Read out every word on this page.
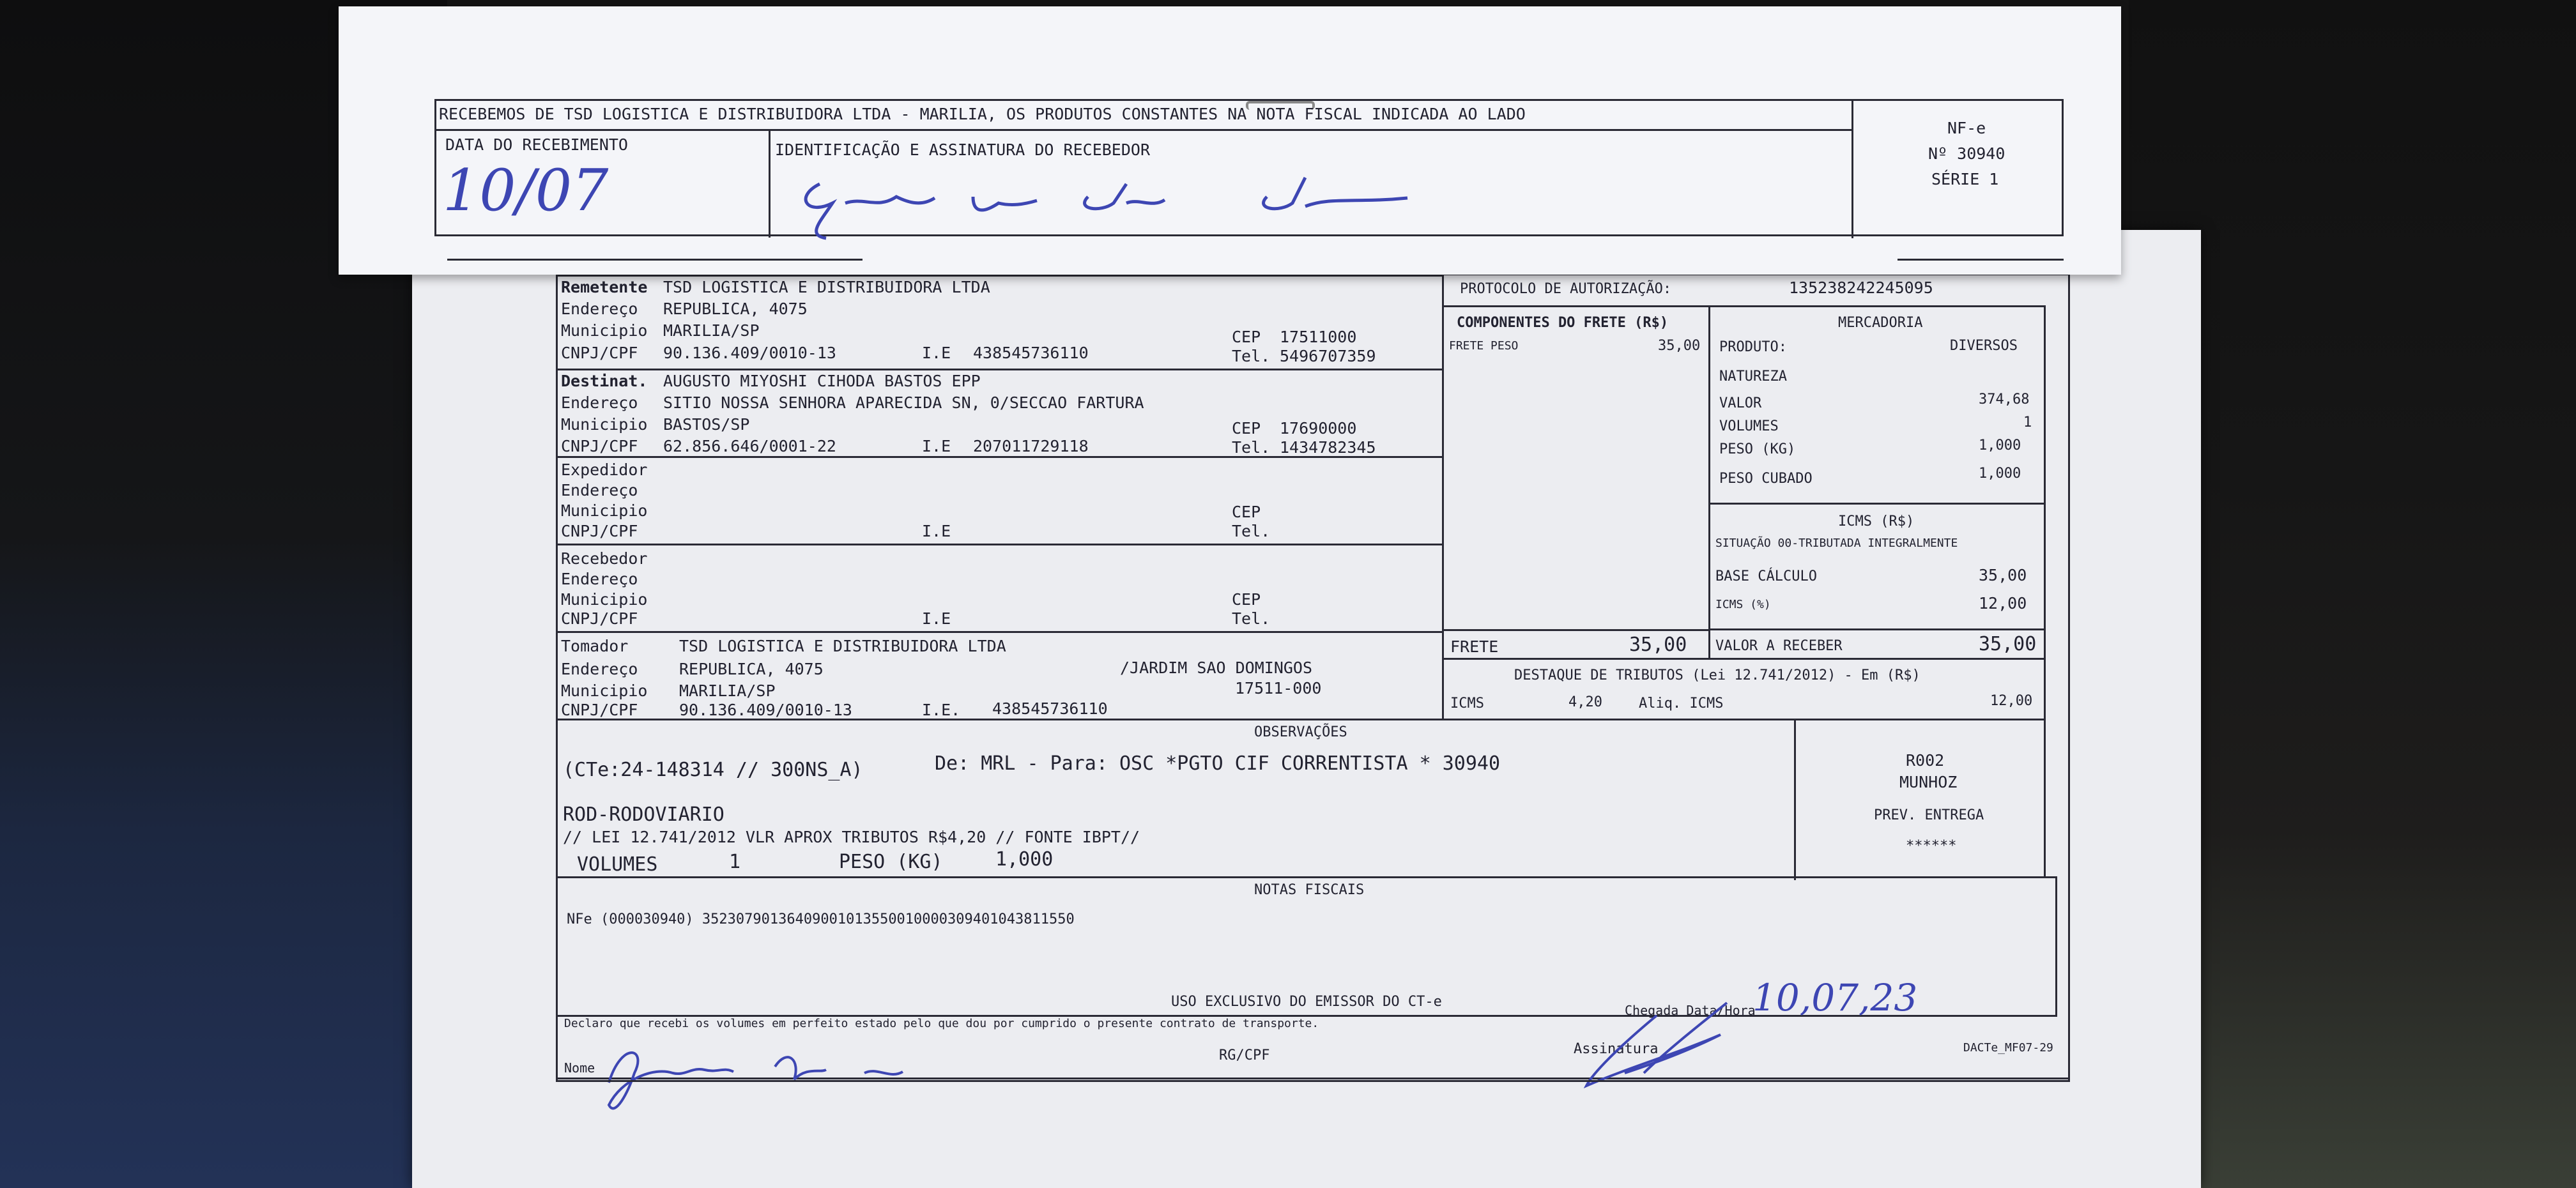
PROTOCOLO DE AUTORIZAÇÃO:	135238242245095
Remetente TSD LOGISTICA E DISTRIBUIDORA LTDA
Endereço REPUBLICA, 4075
Municipio MARILIA/SP	CEP 17511000
CNPJ/CPF 90.136.409/0010-13	I.E 438545736110	Tel. 5496707359
Destinat. AUGUSTO MIYOSHI CIHODA BASTOS EPP
Endereço SITIO NOSSA SENHORA APARECIDA SN, 0/SECCAO FARTURA
Municipio BASTOS/SP	CEP 17690000
CNPJ/CPF 62.856.646/0001-22	I.E 207011729118	Tel. 1434782345
Expedidor
Endereço
Municipio	CEP
CNPJ/CPF	I.E	Tel.
Recebedor
Endereço
Municipio	CEP
CNPJ/CPF	I.E	Tel.
Tomador	TSD LOGISTICA E DISTRIBUIDORA LTDA
Endereço	REPUBLICA, 4075	/JARDIM SAO DOMINGOS
Municipio MARILIA/SP	17511-000
CNPJ/CPF	90.136.409/0010-13	I.E. 438545736110
COMPONENTES DO FRETE (R$)
FRETE PESO	35,00
FRETE	35,00
MERCADORIA
PRODUTO:	DIVERSOS
NATUREZA
VALOR	374,68
VOLUMES	1
PESO (KG)	1,000
PESO CUBADO	1,000
ICMS (R$)
SITUAÇÃO 00-TRIBUTADA INTEGRALMENTE
BASE CÁLCULO	35,00
ICMS (%)	12,00
VALOR A RECEBER	35,00
DESTAQUE DE TRIBUTOS (Lei 12.741/2012) - Em (R$)
ICMS	4,20	Aliq. ICMS	12,00
OBSERVAÇÕES
(CTe:24-148314 // 300NS_A)	De: MRL - Para: OSC *PGTO CIF CORRENTISTA * 30940
ROD-RODOVIARIO
// LEI 12.741/2012 VLR APROX TRIBUTOS R$4,20 // FONTE IBPT//
VOLUMES	1	PESO (KG)	1,000
R002
MUNHOZ
PREV. ENTREGA
******
NOTAS FISCAIS
NFe (000030940) 35230790136409001013550010000309401043811550
USO EXCLUSIVO DO EMISSOR DO CT-e
Declaro que recebi os volumes em perfeito estado pelo que dou por cumprido o presente contrato de transporte.
Chegada Data/Hora
10,07,23
Nome
RG/CPF	Assinatura	DACTe_MF07-29
RECEBEMOS DE TSD LOGISTICA E DISTRIBUIDORA LTDA - MARILIA, OS PRODUTOS CONSTANTES NA NOTA FISCAL INDICADA AO LADO
DATA DO RECEBIMENTO
10/07
IDENTIFICAÇÃO E ASSINATURA DO RECEBEDOR
NF-e
Nº 30940
SÉRIE 1
